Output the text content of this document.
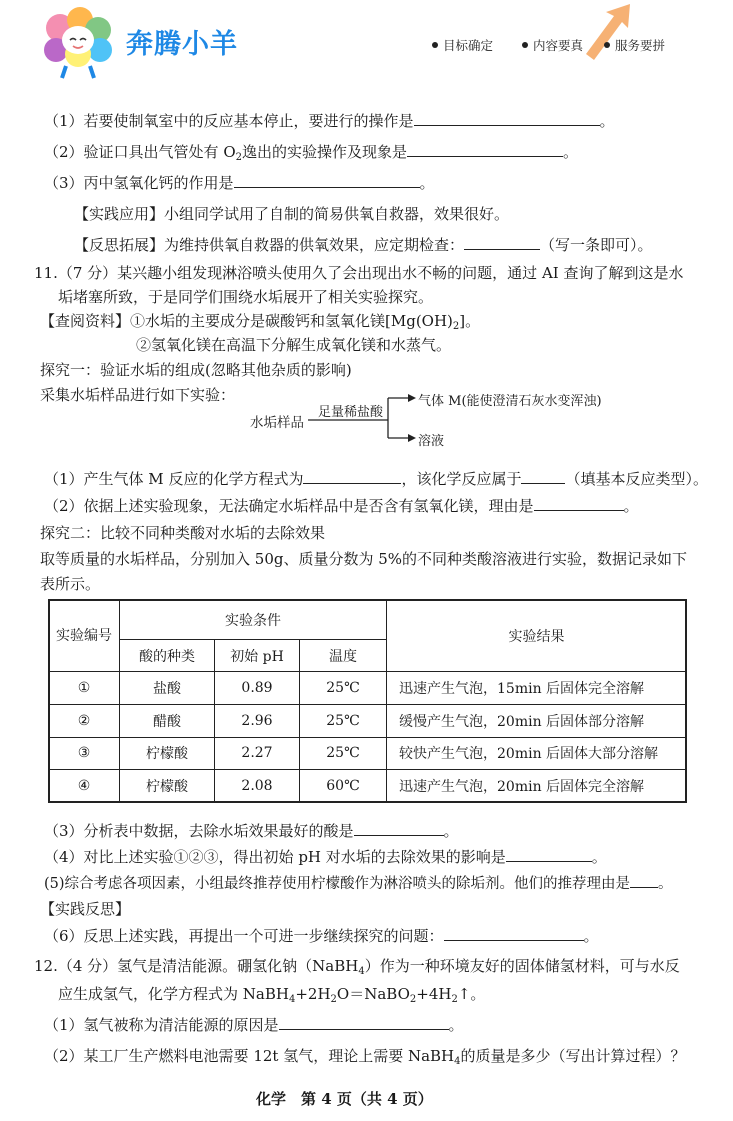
奔腾小羊	目标确定	内容要真	服务要拼
（1）若要使制氧室中的反应基本停止，要进行的操作是	。
（2）验证口具出气管处有 $O_2$逸出的实验操作及现象是	。
（3）丙中氢氧化钙的作用是	。
【实践应用】小组同学试用了自制的简易供氧自救器，效果很好。
【反思拓展】为维持供氧自救器的供氧效果，应定期检查：	（写一条即可）。
11.（7 分）某兴趣小组发现淋浴喷头使用久了会出现出水不畅的问题，通过 AI 查询了解到这是水
垢堵塞所致，于是同学们围绕水垢展开了相关实验探究。
【查阅资料】①水垢的主要成分是碳酸钙和氢氧化镁$[Mg(OH)_2]$。
②氢氧化镁在高温下分解生成氧化镁和水蒸气。
探究一：验证水垢的组成(忽略其他杂质的影响)
采集水垢样品进行如下实验：
水垢样品
足量稀盐酸
气体 M(能使澄清石灰水变浑浊)
溶液
（1）产生气体 M 反应的化学方程式为	，该化学反应属于	（填基本反应类型）。
（2）依据上述实验现象，无法确定水垢样品中是否含有氢氧化镁，理由是	。
探究二：比较不同种类酸对水垢的去除效果
取等质量的水垢样品，分别加入 50g、质量分数为 5%的不同种类酸溶液进行实验，数据记录如下
表所示。
实验编号	实验条件			实验结果
	酸的种类	初始 pH	温度	
①	盐酸	0.89	25℃	迅速产生气泡，15min 后固体完全溶解
②	醋酸	2.96	25℃	缓慢产生气泡，20min 后固体部分溶解
③	柠檬酸	2.27	25℃	较快产生气泡，20min 后固体大部分溶解
④	柠檬酸	2.08	60℃	迅速产生气泡，20min 后固体完全溶解
（3）分析表中数据，去除水垢效果最好的酸是	。
（4）对比上述实验①②③，得出初始 pH 对水垢的去除效果的影响是	。
(5)综合考虑各项因素，小组最终推荐使用柠檬酸作为淋浴喷头的除垢剂。他们的推荐理由是 。
【实践反思】
（6）反思上述实践，再提出一个可进一步继续探究的问题：	。
12.（4 分）氢气是清洁能源。硼氢化钠（NaBH$_4$）作为一种环境友好的固体储氢材料，可与水反
应生成氢气，化学方程式为 $NaBH_4+2H_2O=NaBO_2+4H_2↑$。
（1）氢气被称为清洁能源的原因是	。
（2）某工厂生产燃料电池需要 12t 氢气，理论上需要 NaBH$_4$的质量是多少（写出计算过程）？
化学　第 4 页（共 4 页）
